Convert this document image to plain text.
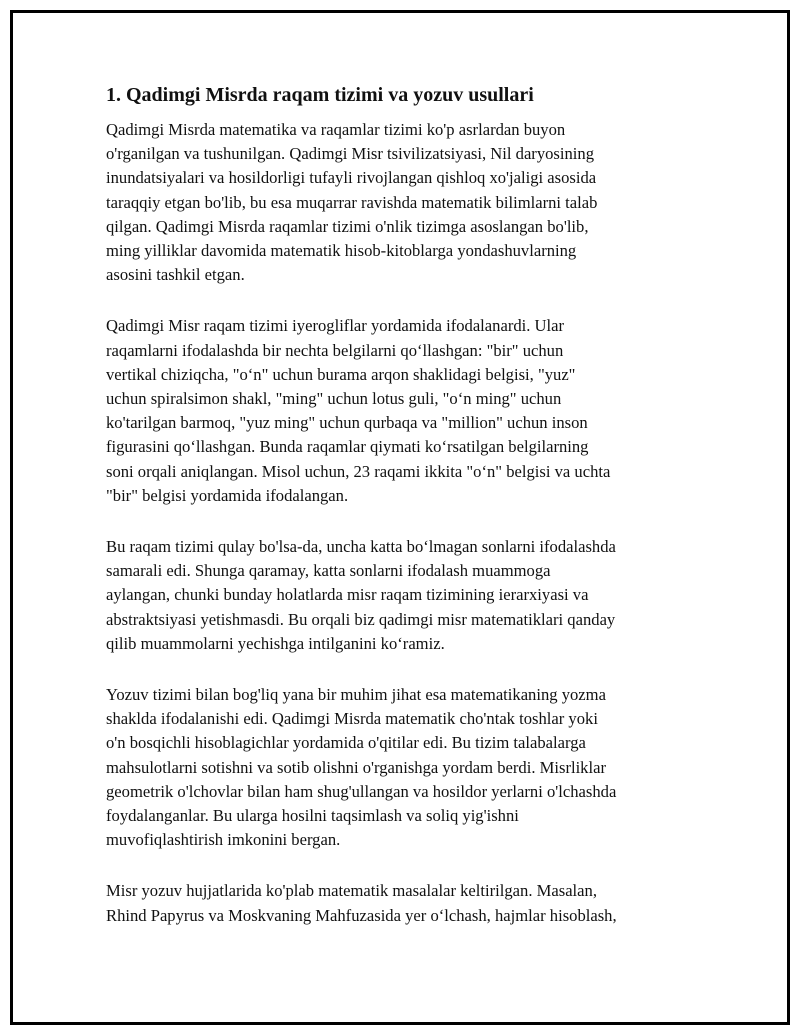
1. Qadimgi Misrda raqam tizimi va yozuv usullari
Qadimgi Misrda matematika va raqamlar tizimi ko'p asrlardan buyon
o'rganilgan va tushunilgan. Qadimgi Misr tsivilizatsiyasi, Nil daryosining
inundatsiyalari va hosildorligi tufayli rivojlangan qishloq xo'jaligi asosida
taraqqiy etgan bo'lib, bu esa muqarrar ravishda matematik bilimlarni talab
qilgan. Qadimgi Misrda raqamlar tizimi o'nlik tizimga asoslangan bo'lib,
ming yilliklar davomida matematik hisob-kitoblarga yondashuvlarning
asosini tashkil etgan.
Qadimgi Misr raqam tizimi iyerogliflar yordamida ifodalanardi. Ular
raqamlarni ifodalashda bir nechta belgilarni qo‘llashgan: "bir" uchun
vertikal chiziqcha, "o‘n" uchun burama arqon shaklidagi belgisi, "yuz"
uchun spiralsimon shakl, "ming" uchun lotus guli, "o‘n ming" uchun
ko'tarilgan barmoq, "yuz ming" uchun qurbaqa va "million" uchun inson
figurasini qo‘llashgan. Bunda raqamlar qiymati ko‘rsatilgan belgilarning
soni orqali aniqlangan. Misol uchun, 23 raqami ikkita "o‘n" belgisi va uchta
"bir" belgisi yordamida ifodalangan.
Bu raqam tizimi qulay bo'lsa-da, uncha katta bo‘lmagan sonlarni ifodalashda
samarali edi. Shunga qaramay, katta sonlarni ifodalash muammoga
aylangan, chunki bunday holatlarda misr raqam tizimining ierarxiyasi va
abstraktsiyasi yetishmasdi. Bu orqali biz qadimgi misr matematiklari qanday
qilib muammolarni yechishga intilganini ko‘ramiz.
Yozuv tizimi bilan bog'liq yana bir muhim jihat esa matematikaning yozma
shaklda ifodalanishi edi. Qadimgi Misrda matematik cho'ntak toshlar yoki
o'n bosqichli hisoblagichlar yordamida o'qitilar edi. Bu tizim talabalarga
mahsulotlarni sotishni va sotib olishni o'rganishga yordam berdi. Misrliklar
geometrik o'lchovlar bilan ham shug'ullangan va hosildor yerlarni o'lchashda
foydalanganlar. Bu ularga hosilni taqsimlash va soliq yig'ishni
muvofiqlashtirish imkonini bergan.
Misr yozuv hujjatlarida ko'plab matematik masalalar keltirilgan. Masalan,
Rhind Papyrus va Moskvaning Mahfuzasida yer o‘lchash, hajmlar hisoblash,
